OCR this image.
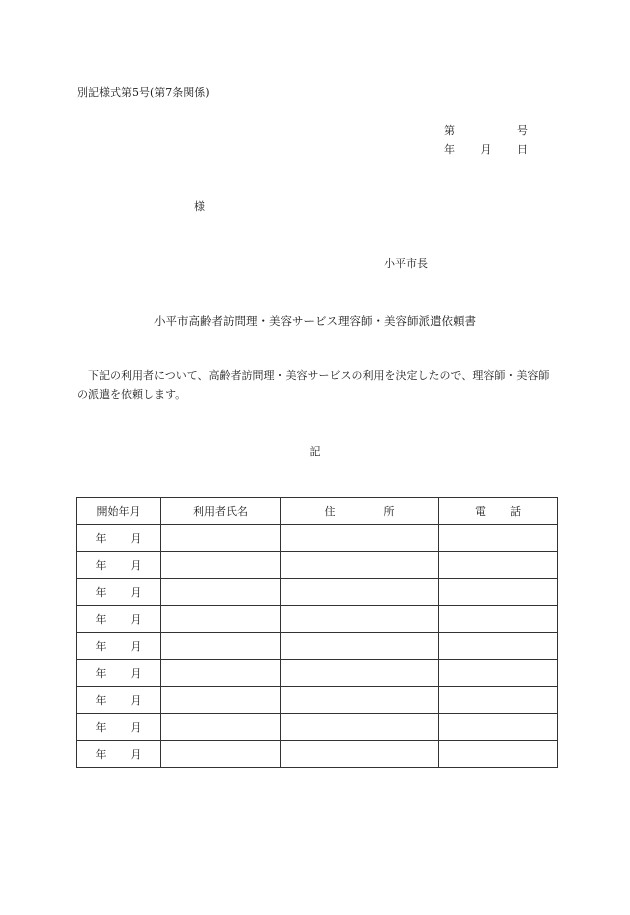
別記様式第5号(第7条関係)
第	号
年 月 日
様
小平市長
小平市高齢者訪問理・美容サービス理容師・美容師派遣依頼書
下記の利用者について、高齢者訪問理・美容サービスの利用を決定したので、理容師・美容師の派遣を依頼します。
記
開始年月	利用者氏名	住 所	電 話

年 月			

年 月			

年 月			

年 月			

年 月			

年 月			

年 月			

年 月			

年 月			
